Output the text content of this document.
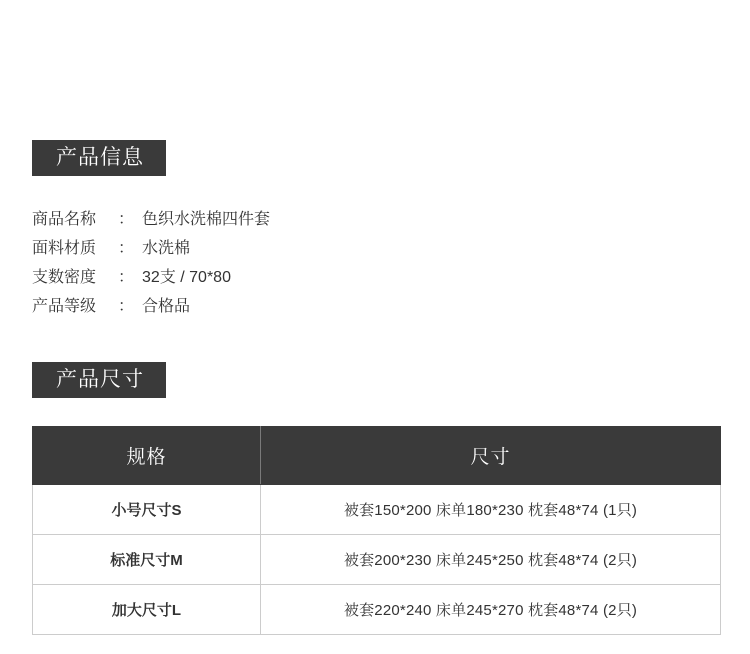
产品信息
商品名称	： 色织水洗棉四件套
面料材质	： 水洗棉
支数密度	： 32支 / 70*80
产品等级	： 合格品
产品尺寸
规格	尺寸
小号尺寸S	被套150*200 床单180*230 枕套48*74 (1只)
标准尺寸M	被套200*230 床单245*250 枕套48*74 (2只)
加大尺寸L	被套220*240 床单245*270 枕套48*74 (2只)
